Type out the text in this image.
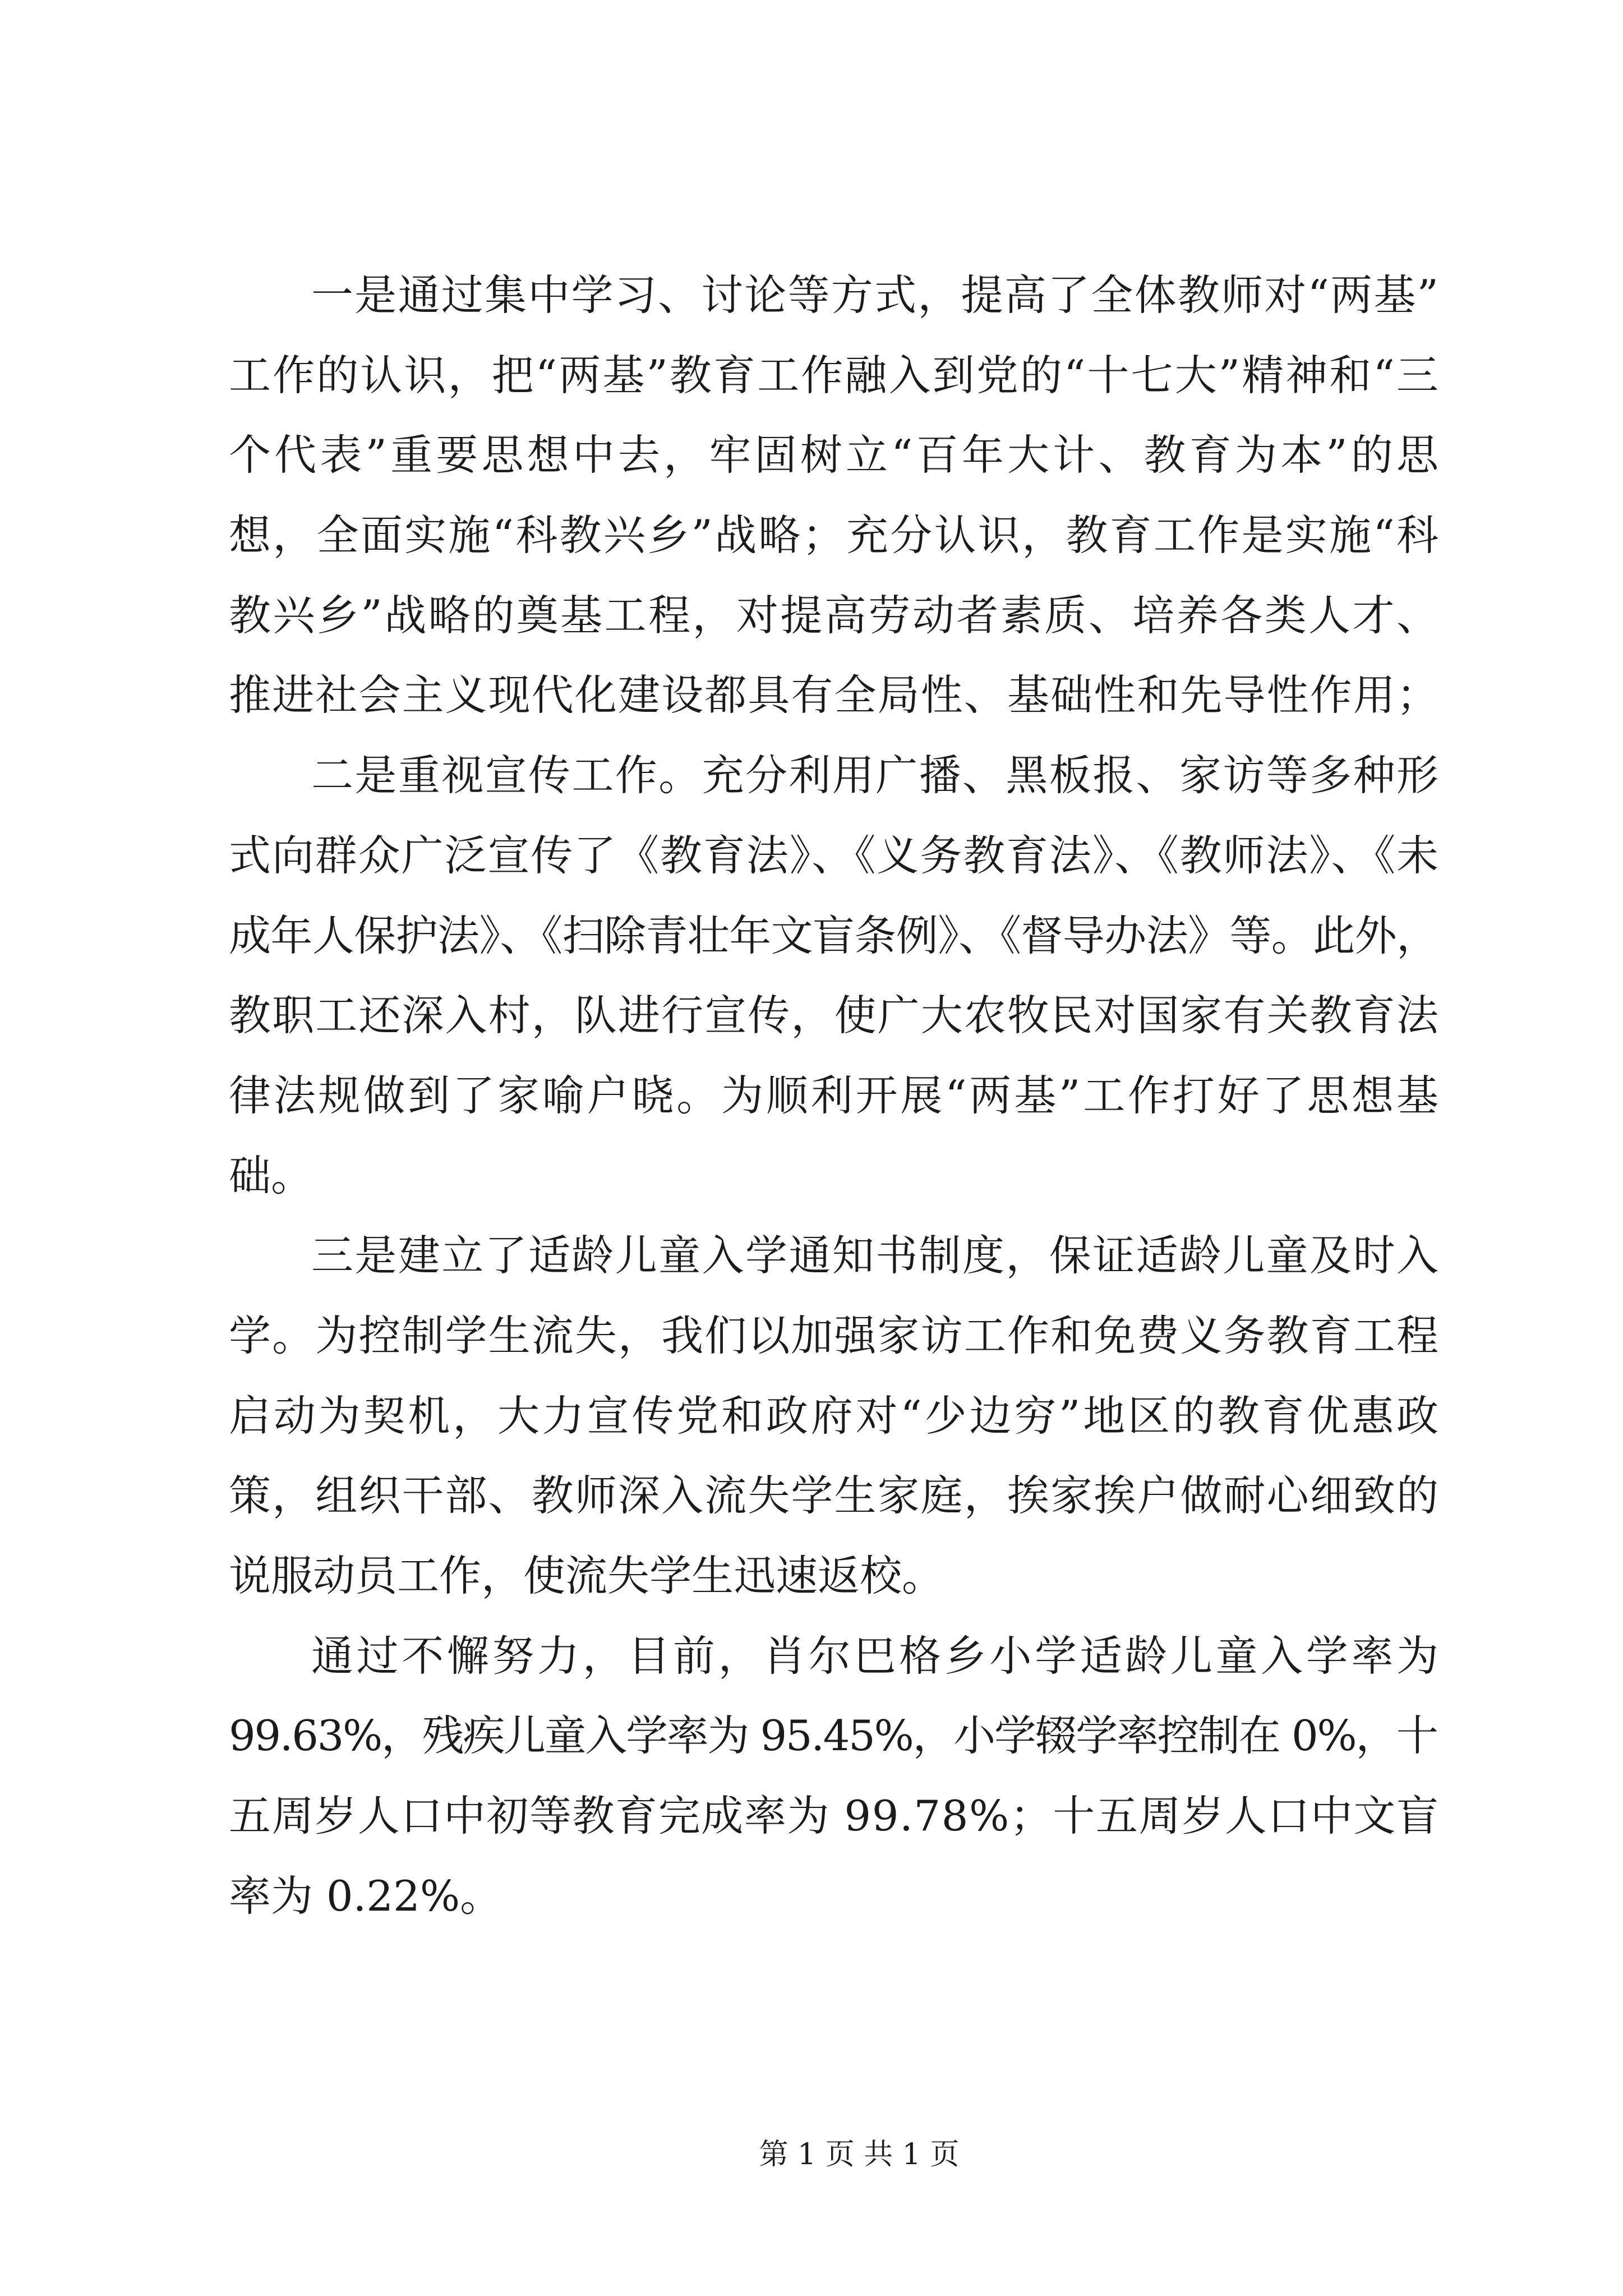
一是通过集中学习、讨论等方式，提高了全体教师对“两基”
工作的认识，把“两基”教育工作融入到党的“十七大”精神和“三
个代表”重要思想中去，牢固树立“百年大计、教育为本”的思
想，全面实施“科教兴乡”战略；充分认识，教育工作是实施“科
教兴乡”战略的奠基工程，对提高劳动者素质、培养各类人才、
推进社会主义现代化建设都具有全局性、基础性和先导性作用；
二是重视宣传工作。充分利用广播、黑板报、家访等多种形
式向群众广泛宣传了《教育法》、《义务教育法》、《教师法》、《未
成年人保护法》、《扫除青壮年文盲条例》、《督导办法》等。此外，
教职工还深入村，队进行宣传，使广大农牧民对国家有关教育法
律法规做到了家喻户晓。为顺利开展“两基”工作打好了思想基
础。
三是建立了适龄儿童入学通知书制度，保证适龄儿童及时入
学。为控制学生流失，我们以加强家访工作和免费义务教育工程
启动为契机，大力宣传党和政府对“少边穷”地区的教育优惠政
策，组织干部、教师深入流失学生家庭，挨家挨户做耐心细致的
说服动员工作，使流失学生迅速返校。
通过不懈努力，目前，肖尔巴格乡小学适龄儿童入学率为
99.63%，残疾儿童入学率为 95.45%，小学辍学率控制在 0%，十
五周岁人口中初等教育完成率为 99.78%；十五周岁人口中文盲
率为 0.22%。
第 1 页 共 1 页
